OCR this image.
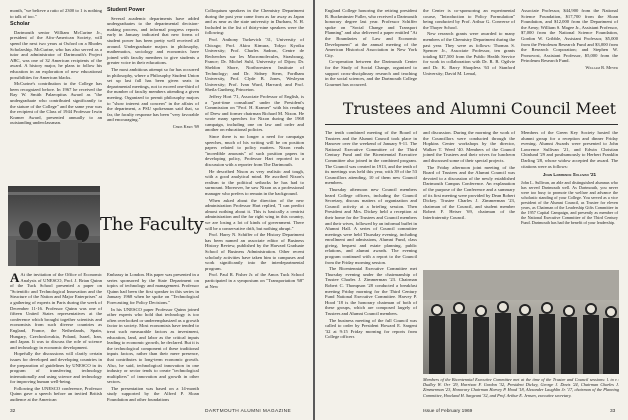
month, "we believe a ratio of 2300 to 1 is nothing to talk of too."

Scholar

Dartmouth senior William McCurine Jr., president of the Afro-American Society, will spend the next two years at Oxford on a Rhodes Scholarship. McCurine, who has also served as a tutor and administrator of Dartmouth's Project ABC, was one of 32 American recipients of the award. A history major, he plans to follow his education in an exploration of new educational possibilities for American blacks.

McCurine's contribution to the College has been recognized before. In 1967 he received the Ray W. Smith Palaeopitus Award as "the undergraduate who contributed significantly to the stature of the College" and the same year was the recipient of the Class of 1944 Professor Irwin Kramer Award, presented annually to an outstanding underclassman.

Student Power

Several academic departments have added undergraduates to the departmental decision-making process, and informal progress reports early in January indicated that new forms of student power has been pretty well received all around. Undergraduate majors in philosophy, mathematics, sociology and economics have joined with faculty members to give students a greater voice in their educations.

The most ambitious attempt so far has occurred in philosophy, where a Philosophy Student Union set up last fall has been given seats in departmental meetings, not to exceed one-third of the number of faculty members attending a given meeting. Organized to permit philosophy majors to "show interest and concern" in the affairs of the department, a PSU spokesman said that, so far, the faculty response has been "very favorable and encouraging."

Chris Kern '69
The Faculty

A At the invitation of the Office of Economic Analysis of UNESCO, Prof. J. Brian Quinn of the Tuck School presented a paper on "Scientific and Technological Innovation and the Structure of the Nation and Major Enterprises" at a gathering of experts in Paris during the week of December 11-16. Professor Quinn was one of fifteen United States representatives at the conference which brought together scientists and economists from such diverse countries as England, France, the Netherlands, Spain, Hungary, Czechoslovakia, Poland, Israel, Iran, and Japan. It was to discuss the role of science and technology in economic development.

Hopefully the discussions will clarify certain issues for developed and developing countries in the preparation of guidelines by UNESCO in its program of transferring technology internationally and using science and technology for improving human well-being.

Following the UNESCO conference, Professor Quinn gave a speech before an invited British audience at the American

Embassy in London. His paper was presented in a series sponsored by the State Department on topics of technology and management. Professor Quinn had been the first speaker in this series in January 1968 when he spoke on "Technological Forecasting for Policy Decisions."

In his UNESCO paper Professor Quinn joined other experts who hold that technology is too often overlooked or underemphasized as a growth factor in society. Most economists have tended to treat such measurable factors as investment, education, land, and labor as the critical inputs leading to economic growth, he declared. But it is the technological component of these traditional inputs factors, rather than their mere presence, that contributes to long-term economic growth. Also, he said, technological innovation in one industry or sector tends to create "technological multipliers" of innovation and growth in other sectors.

The presentation was based on a 14-month study supported by the Alfred P. Sloan Foundation and other foundations

Colloquium speakers in the Chemistry Department during the past year came from as far away as Japan and as near as the state university in Durham, N. H. Included in the list of thirty-nine speakers were the following:

Prof. Anthony Turkevich '31, University of Chicago; Prof. Akira Kimura, Tokyo Kyoiku University; Prof. Charles Sadron, Centre de Recherches sur les Macromolecules, Strasbourg, France; Dr. Michel Suhl, University of Dijon; Dr. Sheldon Shore, Northwestern Institute of Technology; and Dr. Sidney Stern, Fordham University, Prof. Clyde B. Jones, Wesleyan University; Prof. Ivan Ward, Harvard; and Prof. Sheila Gunberg, Princeton.

Jeffery Hort '71, Associate Professor of English, is a "part-time consultant" under the President's Commission on "Prof. H. Kramer" with his reading of Drew and former chairman Richard M. Nixon. He wrote many speeches for Nixon during the 1968 campaign, including one on law and order and another on educational policies.

Since there is no longer a need for campaign speeches, much of his writing will be on position papers related to policy matters. Nixon reads "incredible amounts" of such position papers in developing policy, Professor Hart reported in a discussion with a reporter from The Dartmouth.

He described Nixon as very realistic and tough, with a good analytical mind. He ascribed Nixon's realism to the political setbacks he has had to surmount. Moreover, he saw Nixon as a professional manager who prefers to remain in the background.

When asked about the direction of the new administration Professor Hart replied, "I can predict almost nothing about it. This is basically a centrist administration and the far right wing in this country, we are losing a lot of kinds of government. There will be a conservative drift, but nothing abrupt."

Prof. Harry N. Schiffer of the History Department has been named an associate editor of Business History Review, published by the Harvard Graduate School of Business Administration. Other recent scholarly activities have taken him to campuses and work significantly into the interdepartmental program.

Prof. Paul R. Fisher Jr. of the Amos Tuck School participated in a symposium on "Transportation '68" at New

32	DARTMOUTH ALUMNI MAGAZINE

England College honoring the retiring president R. Buckminster Fuller, who received a Dartmouth honorary degree last year. Professor Schiffer spoke on "Social Change and Transport Planning" and also delivered a paper entitled "At the Boundaries of Law and Economic Development" at the annual meeting of the American Historical Association in New York City.

Co-operation between the Dartmouth Center for the Study of Social Change, organized to support cross-disciplinary research and teaching in the social sciences, and the Dartmouth College Gourmet has occurred.

the Center is co-sponsoring an experimental course, "Introduction to Policy Formulation" being conducted by Prof. Arthur G. Converse of the Thayer School.

New research grants were awarded to many members of the Chemistry Department during the past year. They were as follows: Thomas S. Spencer Jr., Associate Professor, ten grants totaling $27,500 from the Public Health Service for work in collaboration with Dr. R. B. Ogilvie and Dr. K. Barry Sharpless '63 of Stanford University; David M. Lemal,

Associate Professor, $44,900 from the National Science Foundation, $17,700 from the Sloan Foundation, and $12,000 from the Department of the Army; William S. Magee Jr., Assistant Professor, $7,000 from the National Science Foundation, Gordon W. Gribble, Assistant Professor, $5,000 from the Petroleum Research Fund and $3,000 from the Research Corporation; and Stephen W. Pronovost, Assistant Professor, $5,000 from the Petroleum Research Fund.

William R. Meyer
Trustees and Alumni Council Meet

The tenth combined meeting of the Board of Trustees and the Alumni Council took place in Hanover over the weekend of January 9-11. The National Executive Committee of the Third Century Fund and the Bicentennial Executive Committee also joined in the combined program. The Council was created in 1913, and the tenth of its meetings was held this year, with 39 of the 53 Councillors attending, 10 of them new Council members.

Thursday afternoon new Council members heard College officers, including the Council Secretary, discuss matters of organization and Council activity at a briefing session. Then President and Mrs. Dickey held a reception at their home for the Trustees and Council members and their wives, followed by an informal buffet in Alumni Hall. A series of Council committee meetings were held Thursday evening, including enrollment and admissions, Alumni Fund, class giving, bequest and estate planning, public relations, and alumni awards. The evening program continued with a report to the Council from the Friday morning session.

The Bicentennial Executive Committee met Thursday evening under the chairmanship of Trustee Charles J. Zimmerman '23. Chairman Robert C. Thompson '28 conducted a breakfast meeting Friday morning for the Third Century Fund National Executive Committee. Harvey P. Hood '18 is the honorary chairman of both of these groups, which are composed largely of Trustees and Alumni Council members.

The business meeting of the full Council was called to order by President Howard E. Sargent '32 at 9:15 Friday morning for reports from College officers

and discussion. During the morning the work of the Councillors were conducted through the Hopkins Center workshops by the director, Walker T. Weed '40. Members of the Council joined the Trustees and their wives for luncheon and discussed some of their special projects.

The Friday afternoon joint meeting of the Board of Trustees and the Alumni Council was devoted to a discussion of the newly established Dartmouth Campus Conference. An explanation of the purpose of the Conference and a summary of its first meeting were provided by Dean Robert Dickey. Trustee Charles J. Zimmerman '23, chairman of the Council, and student member Robert F. Heiser '69, chairman of the Interfraternity Council.

Members of the Green Key Society hosted the alumni group for a reception and dinner Friday evening. Alumni Awards were presented to John Lawrence Sullivan '21, and Edwin Christian Chinlund '29 and posthumously to Herbert Franklin Darling '28, whose widow accepted the award. The citations were as follows:

John Lawrence Sullivan '21

John L. Sullivan, an able and distinguished alumnus who has served Dartmouth well. As Dartmouth, you never were too busy to promote the welfare and advance the scholastic standing of your College. You served as a vice president of the Alumni Council, as Trustee for eleven years, as Chairman of the Leadership Gifts Committee in the 1957 Capital Campaign, and presently as member of the National Executive Committee of the Third Century Fund. Dartmouth has had the benefit of your leadership.

Members of the Bicentennial Executive Committee met at the time of the Trustee and Council sessions: l. to r.: Dudley W. Orr '29, Harrison F. Gordon '32, President Dickey, George J. Davis '24, Chairman Charles J. Zimmerman '23, Honorary Chairman Harvey P. Hood '18, Alexander Laughlin Jr. '17, chairman of the Planning Committee, Howland H. Sargeant '32, and Prof. Arthur E. Jensen, executive secretary.
Issue of February 1969	33
